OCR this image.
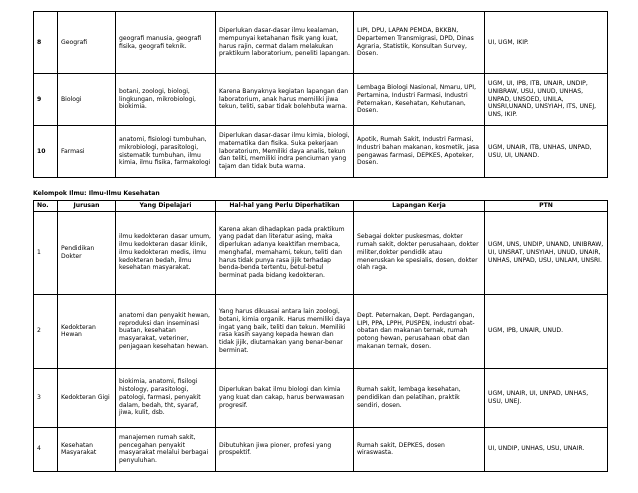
8	Geografi	geografi manusia, geografi fisika, geografi teknik.	Diperlukan dasar-dasar ilmu kealaman, mempunyai ketahanan fisik yang kuat, harus rajin, cermat dalam melakukan praktikum laboratorium, peneliti lapangan.	LIPI, DPU, LAPAN PEMDA, BKKBN, Departemen Transmigrasi, DPD, Dinas Agraria, Statistik, Konsultan Survey, Dosen.	UI, UGM, IKIP.
9	Biologi	botani, zoologi, biologi, lingkungan, mikrobiologi, biokimia.	Karena Banyaknya kegiatan lapangan dan laboratorium, anak harus memiliki jiwa tekun, teliti, sabar tidak bolehbuta warna.	Lembaga Biologi Nasional, Nmaru, UPI, Pertamina, Industri Farmasi, Industri Peternakan, Kesehatan, Kehutanan, Dosen.	UGM, UI, IPB, ITB, UNAIR, UNDIP, UNIBRAW, USU, UNUD, UNHAS, UNPAD, UNSOED, UNILA, UNSRI,UNAND, UNSYIAH, ITS, UNEJ, UNS, IKIP.
10	Farmasi	anatomi, fisiologi tumbuhan, mikrobiologi, parasitologi, sistematik tumbuhan, ilmu kimia, ilmu fisika, farmakologi	Diperlukan dasar-dasar ilmu kimia, biologi, matematika dan fisika. Suka pekerjaan laboratorium, Memiliki daya analis, tekun dan teliti, memiliki indra penciuman yang tajam dan tidak buta warna.	Apotik, Rumah Sakit, Industri Farmasi, Industri bahan makanan, kosmetik, jasa pengawas farmasi, DEPKES, Apoteker, Dosen.	UGM, UNAIR, ITB, UNHAS, UNPAD, USU, UI, UNAND.
Kelompok Ilmu: Ilmu-Ilmu Kesehatan
No.	Jurusan	Yang Dipelajari	Hal-hal yang Perlu Diperhatikan	Lapangan Kerja	PTN
1	Pendidikan Dokter	ilmu kedokteran dasar umum, ilmu kedokteran dasar klinik, ilmu kedokteran medis, ilmu kedokteran bedah, ilmu kesehatan masyarakat.	Karena akan dihadapkan pada praktikum yang padat dan literatur asing, maka diperlukan adanya keaktifan membaca, menghafal, memahami, tekun, teliti dan harus tidak punya rasa jijik terhadap benda-benda tertentu, betul-betul berminat pada bidang kedokteran.	Sebagai dokter puskesmas, dokter rumah sakit, dokter perusahaan, dokter militer,dokter pendidik atau meneruskan ke spesialis, dosen, dokter olah raga.	UGM, UNS, UNDIP, UNAND, UNIBRAW, UI, UNSRAT, UNSYIAH, UNUD, UNAIR, UNHAS, UNPAD, USU, UNLAM, UNSRI.
2	Kedokteran Hewan	anatomi dan penyakit hewan, reproduksi dan inseminasi buatan, kesehatan masyarakat, veteriner, penjagaan kesehatan hewan.	Yang harus dikuasai antara lain zoologi, botani, kimia organik. Harus memiliki daya ingat yang baik, teliti dan tekun. Memiliki rasa kasih sayang kepada hewan dan tidak jijik, diutamakan yang benar-benar berminat.	Dept. Peternakan, Dept. Perdagangan, LIPI, PPA, LPPH, PUSPEN, industri obat-obatan dan makanan ternak, rumah potong hewan, perusahaan obat dan makanan ternak, dosen.	UGM, IPB, UNAIR, UNUD.
3	Kedokteran Gigi	biokimia, anatomi, fisilogi histology, parasitologi, patologi, farmasi, penyakit dalam, bedah, tht, syaraf, jiwa, kulit, dsb.	Diperlukan bakat ilmu biologi dan kimia yang kuat dan cakap, harus berwawasan progresif.	Rumah sakit, lembaga kesehatan, pendidikan dan pelatihan, praktik sendiri, dosen.	UGM, UNAIR, UI, UNPAD, UNHAS, USU, UNEJ.
4	Kesehatan Masyarakat	manajemen rumah sakit, pencegahan penyakit masyarakat melalui berbagai penyuluhan.	Dibutuhkan jiwa pioner, profesi yang prospektif.	Rumah sakit, DEPKES, dosen wiraswasta.	UI, UNDIP, UNHAS, USU, UNAIR.
